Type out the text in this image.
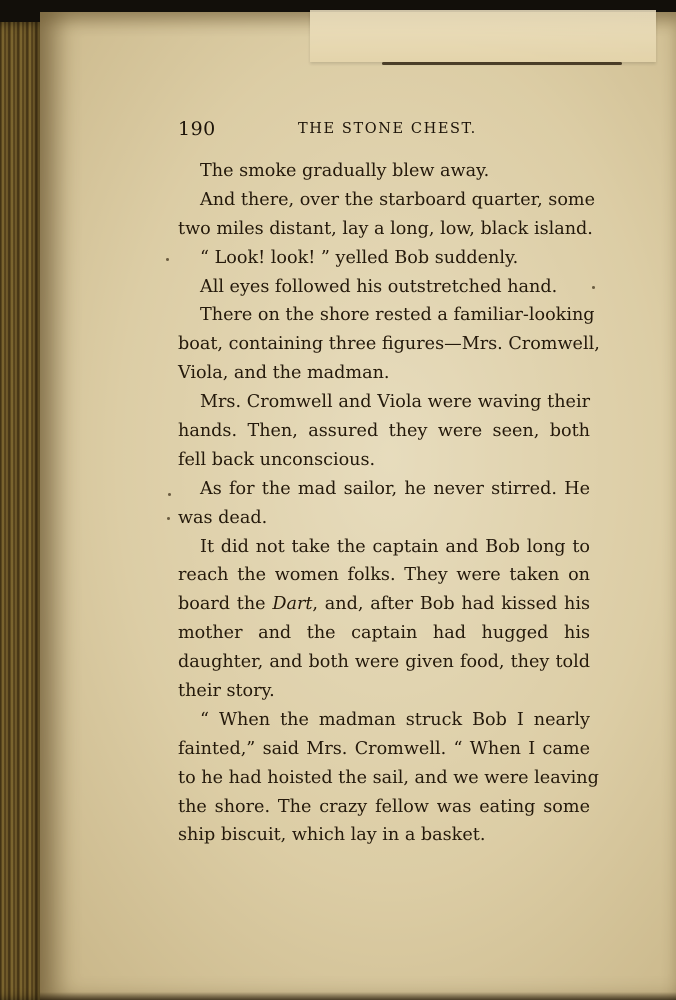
190	THE STONE CHEST.
The smoke gradually blew away.
And there, over the starboard quarter, some
two miles distant, lay a long, low, black island.
“ Look! look! ” yelled Bob suddenly.
All eyes followed his outstretched hand.
There on the shore rested a familiar-looking
boat, containing three figures—Mrs. Cromwell,
Viola, and the madman.
Mrs. Cromwell and Viola were waving their
hands. Then, assured they were seen, both
fell back unconscious.
As for the mad sailor, he never stirred. He
was dead.
It did not take the captain and Bob long to
reach the women folks. They were taken on
board the Dart, and, after Bob had kissed his
mother and the captain had hugged his
daughter, and both were given food, they told
their story.
“ When the madman struck Bob I nearly
fainted,” said Mrs. Cromwell. “ When I came
to he had hoisted the sail, and we were leaving
the shore. The crazy fellow was eating some
ship biscuit, which lay in a basket.
